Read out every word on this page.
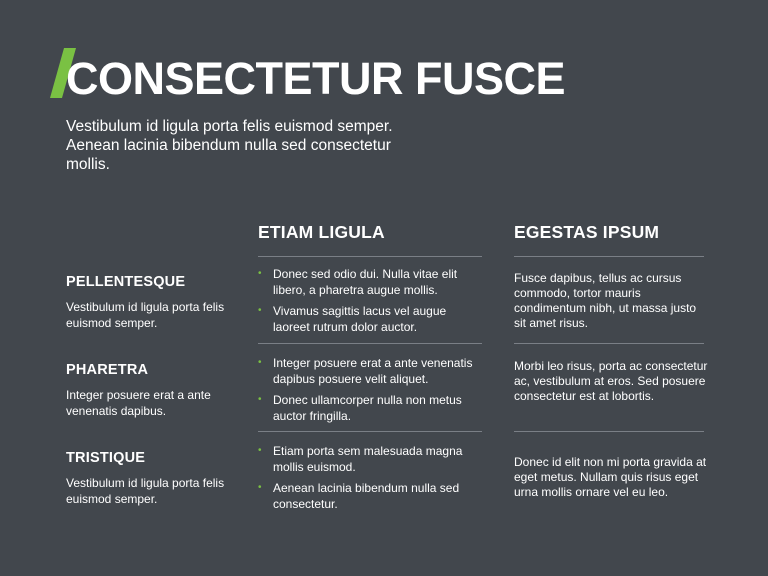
CONSECTETUR FUSCE

Vestibulum id ligula porta felis euismod semper. Aenean lacinia bibendum nulla sed consectetur mollis.

ETIAM LIGULA	EGESTAS IPSUM
PELLENTESQUE

Vestibulum id ligula porta felis euismod semper.

• Donec sed odio dui. Nulla vitae elit libero, a pharetra augue mollis.
• Vivamus sagittis lacus vel augue laoreet rutrum dolor auctor.

Fusce dapibus, tellus ac cursus commodo, tortor mauris condimentum nibh, ut massa justo sit amet risus.

PHARETRA

Integer posuere erat a ante venenatis dapibus.

• Integer posuere erat a ante venenatis dapibus posuere velit aliquet.
• Donec ullamcorper nulla non metus auctor fringilla.

Morbi leo risus, porta ac consectetur ac, vestibulum at eros. Sed posuere consectetur est at lobortis.

TRISTIQUE

Vestibulum id ligula porta felis euismod semper.

• Etiam porta sem malesuada magna mollis euismod.
• Aenean lacinia bibendum nulla sed consectetur.

Donec id elit non mi porta gravida at eget metus. Nullam quis risus eget urna mollis ornare vel eu leo.
